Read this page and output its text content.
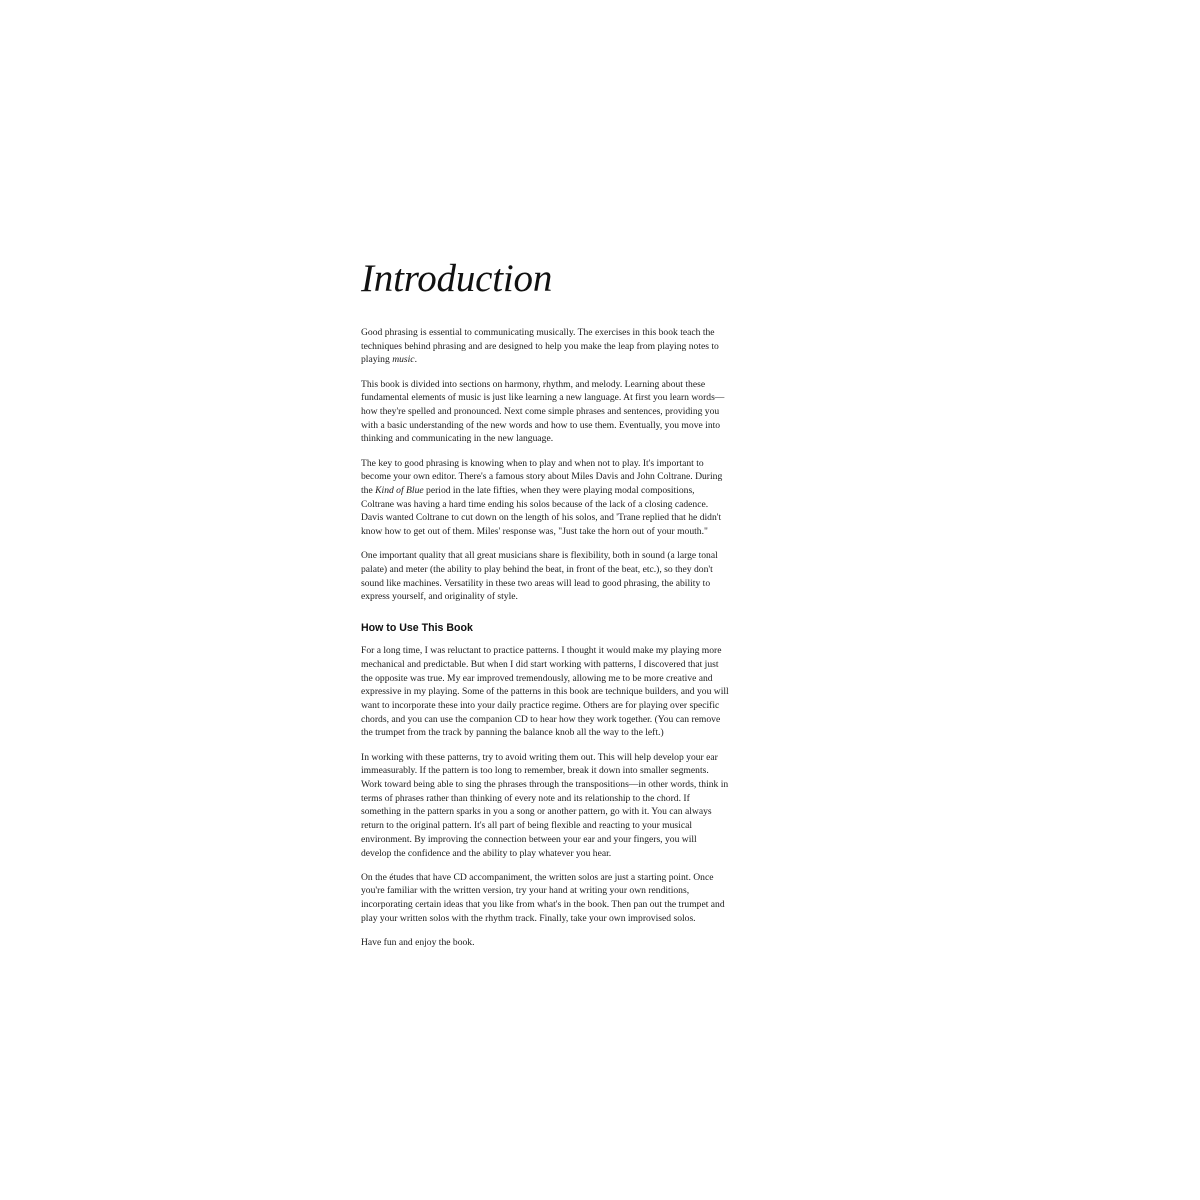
Introduction

Good phrasing is essential to communicating musically. The exercises in this book teach the techniques behind phrasing and are designed to help you make the leap from playing notes to playing music.

This book is divided into sections on harmony, rhythm, and melody. Learning about these fundamental elements of music is just like learning a new language. At first you learn words—how they're spelled and pronounced. Next come simple phrases and sentences, providing you with a basic understanding of the new words and how to use them. Eventually, you move into thinking and communicating in the new language.

The key to good phrasing is knowing when to play and when not to play. It's important to become your own editor. There's a famous story about Miles Davis and John Coltrane. During the Kind of Blue period in the late fifties, when they were playing modal compositions, Coltrane was having a hard time ending his solos because of the lack of a closing cadence. Davis wanted Coltrane to cut down on the length of his solos, and 'Trane replied that he didn't know how to get out of them. Miles' response was, "Just take the horn out of your mouth."

One important quality that all great musicians share is flexibility, both in sound (a large tonal palate) and meter (the ability to play behind the beat, in front of the beat, etc.), so they don't sound like machines. Versatility in these two areas will lead to good phrasing, the ability to express yourself, and originality of style.

How to Use This Book

For a long time, I was reluctant to practice patterns. I thought it would make my playing more mechanical and predictable. But when I did start working with patterns, I discovered that just the opposite was true. My ear improved tremendously, allowing me to be more creative and expressive in my playing. Some of the patterns in this book are technique builders, and you will want to incorporate these into your daily practice regime. Others are for playing over specific chords, and you can use the companion CD to hear how they work together. (You can remove the trumpet from the track by panning the balance knob all the way to the left.)

In working with these patterns, try to avoid writing them out. This will help develop your ear immeasurably. If the pattern is too long to remember, break it down into smaller segments. Work toward being able to sing the phrases through the transpositions—in other words, think in terms of phrases rather than thinking of every note and its relationship to the chord. If something in the pattern sparks in you a song or another pattern, go with it. You can always return to the original pattern. It's all part of being flexible and reacting to your musical environment. By improving the connection between your ear and your fingers, you will develop the confidence and the ability to play whatever you hear.

On the études that have CD accompaniment, the written solos are just a starting point. Once you're familiar with the written version, try your hand at writing your own renditions, incorporating certain ideas that you like from what's in the book. Then pan out the trumpet and play your written solos with the rhythm track. Finally, take your own improvised solos.

Have fun and enjoy the book.
